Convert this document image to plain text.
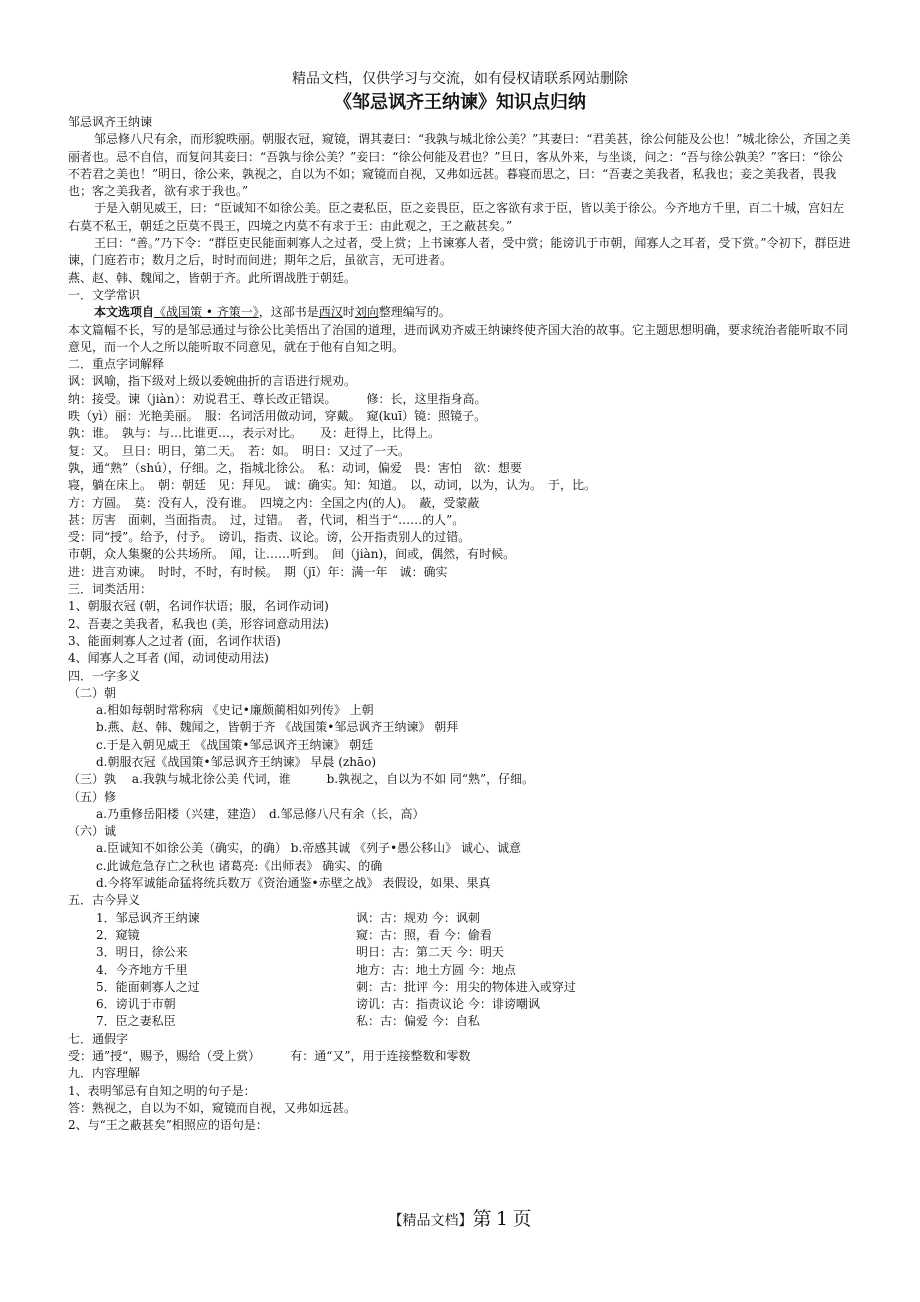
精品文档，仅供学习与交流，如有侵权请联系网站删除
《邹忌讽齐王纳谏》知识点归纳

邹忌讽齐王纳谏

邹忌修八尺有余，而形貌昳丽。朝服衣冠，窥镜，谓其妻曰：“我孰与城北徐公美？”其妻曰：“君美甚，徐公何能及公也！”城北徐公，齐国之美丽者也。忌不自信，而复问其妾曰：“吾孰与徐公美？”妾曰：“徐公何能及君也？”旦日，客从外来，与坐谈，问之：“吾与徐公孰美？”客曰：“徐公不若君之美也！”明日，徐公来，孰视之，自以为不如；窥镜而自视，又弗如远甚。暮寝而思之，曰：“吾妻之美我者，私我也；妾之美我者，畏我也；客之美我者，欲有求于我也。”

于是入朝见威王，曰：“臣诚知不如徐公美。臣之妻私臣，臣之妾畏臣，臣之客欲有求于臣，皆以美于徐公。今齐地方千里，百二十城，宫妇左右莫不私王，朝廷之臣莫不畏王，四境之内莫不有求于王：由此观之，王之蔽甚矣。”

王曰：“善。”乃下令：“群臣吏民能面刺寡人之过者，受上赏；上书谏寡人者，受中赏；能谤讥于市朝，闻寡人之耳者，受下赏。”令初下，群臣进谏，门庭若市；数月之后，时时而间进；期年之后，虽欲言，无可进者。

燕、赵、韩、魏闻之，皆朝于齐。此所谓战胜于朝廷。

一．文学常识

本文选项自《战国策 • 齐策一》，这部书是西汉时刘向整理编写的。

本文篇幅不长，写的是邹忌通过与徐公比美悟出了治国的道理，进而讽劝齐威王纳谏终使齐国大治的故事。它主题思想明确，要求统治者能听取不同意见，而一个人之所以能听取不同意见，就在于他有自知之明。

二．重点字词解释

讽：讽喻，指下级对上级以委婉曲折的言语进行规劝。

纳：接受。谏（jiàn）：劝说君王、尊长改正错误。　　　修：长，这里指身高。

昳（yì）丽：光艳美丽。　服：名词活用做动词，穿戴。　窥(kuī）镜：照镜子。

孰：谁。　孰与：与…比谁更…，表示对比。　　及：赶得上，比得上。

复：又。　旦日：明日，第二天。　若：如。　明日：又过了一天。

孰，通“熟”（shú），仔细。之，指城北徐公。　私：动词，偏爱　畏：害怕　欲：想要

寝，躺在床上。　朝：朝廷　见：拜见。　诚：确实。知：知道。　以，动词，以为，认为。　于，比。

方：方圆。　莫：没有人，没有谁。　四境之内：全国之内(的人)。　蔽，受蒙蔽

甚：厉害　面刺，当面指责。　过，过错。　者，代词，相当于“……的人”。

受：同“授”。给予，付予。　谤讥，指责、议论。谤，公开指责别人的过错。

市朝，众人集聚的公共场所。　闻，让……听到。　间（jiàn)，间或，偶然，有时候。

进：进言劝谏。　时时，不时，有时候。　期（jī）年：满一年　诚：确实

三．词类活用：

1、朝服衣冠 (朝，名词作状语；服，名词作动词)

2、吾妻之美我者，私我也 (美，形容词意动用法)

3、能面刺寡人之过者 (面，名词作状语)

4、闻寡人之耳者 (闻，动词使动用法)

四．一字多义

（二）朝

a.相如每朝时常称病 《史记•廉颇蔺相如列传》 上朝

b.燕、赵、韩、魏闻之，皆朝于齐 《战国策•邹忌讽齐王纳谏》 朝拜

c.于是入朝见威王 《战国策•邹忌讽齐王纳谏》 朝廷

d.朝服衣冠《战国策•邹忌讽齐王纳谏》 早晨 (zhāo)

（三）孰　 a.我孰与城北徐公美 代词，谁　　　b.孰视之，自以为不如 同“熟”，仔细。

（五）修

a.乃重修岳阳楼（兴建，建造）　d.邹忌修八尺有余（长，高）

（六）诚

a.臣诚知不如徐公美（确实，的确） b.帝感其诚 《列子•愚公移山》 诚心、诚意

c.此诚危急存亡之秋也 诸葛亮:《出师表》 确实、的确

d.今将军诚能命猛将统兵数万《资治通鉴•赤壁之战》 表假设，如果、果真

五．古今异义

1．邹忌讽齐王纳谏	讽：古：规劝 今：讽刺
2．窥镜	窥：古：照，看 今：偷看
3．明日，徐公来	明日：古：第二天 今：明天
4．今齐地方千里	地方：古：地土方圆 今：地点
5．能面刺寡人之过	刺：古：批评 今：用尖的物体进入或穿过
6．谤讥于市朝	谤讥：古：指责议论 今：诽谤嘲讽
7．臣之妻私臣	私：古：偏爱 今：自私

七．通假字

受：通”授“，赐予，赐给（受上赏）　　　有：通“又”，用于连接整数和零数

九．内容理解

1、表明邹忌有自知之明的句子是：

答：熟视之，自以为不如，窥镜而自视，又弗如远甚。

2、与“王之蔽甚矣”相照应的语句是：

【精品文档】第 1 页
